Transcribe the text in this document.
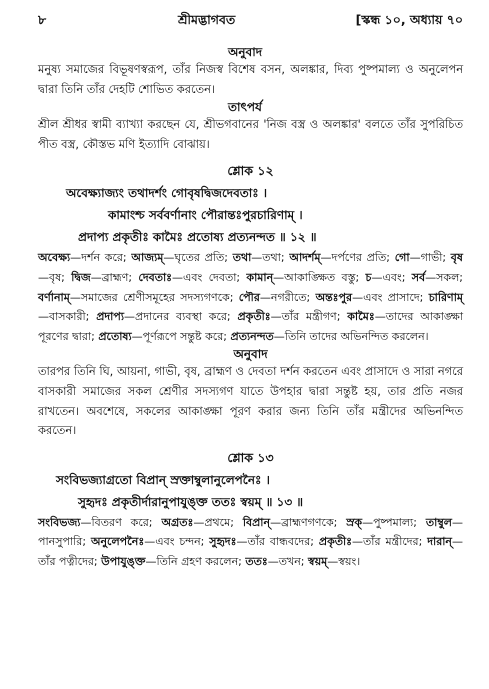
৮	শ্রীমদ্ভাগবত	[স্কন্ধ ১০, অধ্যায় ৭০

অনুবাদ

মনুষ্য সমাজের বিভূষণস্বরূপ, তাঁর নিজস্ব বিশেষ বসন, অলঙ্কার, দিব্য পুষ্পমাল্য ও অনুলেপন দ্বারা তিনি তাঁর দেহটি শোভিত করতেন।

তাৎপর্য

শ্রীল শ্রীধর স্বামী ব্যাখ্যা করছেন যে, শ্রীভগবানের 'নিজ বস্ত্র ও অলঙ্কার' বলতে তাঁর সুপরিচিত পীত বস্ত্র, কৌস্তভ মণি ইত্যাদি বোঝায়।

শ্লোক ১২

অবেক্ষ্যাজ্যং তথাদর্শং গোবৃষদ্বিজদেবতাঃ ।

কামাংশ্চ সর্ববর্ণানাং পৌরান্তঃপুরচারিণাম্ ।

প্রদাপ্য প্রকৃতীঃ কামৈঃ প্রতোষ্য প্রত্যনন্দত ॥ ১২ ॥

অবেক্ষ্য—দর্শন করে; আজ্যম্—ঘৃতের প্রতি; তথা—তথা; আদর্শম্—দর্পণের প্রতি; গো—গাভী; বৃষ—বৃষ; দ্বিজ—ব্রাহ্মণ; দেবতাঃ—এবং দেবতা; কামান্—আকাঙ্ক্ষিত বস্তু; চ—এবং; সর্ব—সকল; বর্ণানাম্—সমাজের শ্রেণীসমূহের সদস্যগণকে; পৌর—নগরীতে; অন্তঃপুর—এবং প্রাসাদে; চারিণাম্—বাসকারী; প্রদাপ্য—প্রদানের ব্যবস্থা করে; প্রকৃতীঃ—তাঁর মন্ত্রীগণ; কামৈঃ—তাদের আকাঙ্ক্ষা পূরণের দ্বারা; প্রতোষ্য—পূর্ণরূপে সন্তুষ্ট করে; প্রত্যনন্দত—তিনি তাদের অভিনন্দিত করলেন।

অনুবাদ

তারপর তিনি ঘি, আয়না, গাভী, বৃষ, ব্রাহ্মণ ও দেবতা দর্শন করতেন এবং প্রাসাদে ও সারা নগরে বাসকারী সমাজের সকল শ্রেণীর সদস্যগণ যাতে উপহার দ্বারা সন্তুষ্ট হয়, তার প্রতি নজর রাখতেন। অবশেষে, সকলের আকাঙ্ক্ষা পূরণ করার জন্য তিনি তাঁর মন্ত্রীদের অভিনন্দিত করতেন।

শ্লোক ১৩

সংবিভজ্যাগ্রতো বিপ্রান্ স্রক্তাম্বুলানুলেপনৈঃ ।

সুহৃদঃ প্রকৃতীর্দারানুপাযুঙ্ক্ত ততঃ স্বয়ম্ ॥ ১৩ ॥

সংবিভজ্য—বিতরণ করে; অগ্রতঃ—প্রথমে; বিপ্রান্—ব্রাহ্মণগণকে; স্রক্—পুষ্পমাল্য; তাম্বুল—পানসুপারি; অনুলেপনৈঃ—এবং চন্দন; সুহৃদঃ—তাঁর বান্ধবদের; প্রকৃতীঃ—তাঁর মন্ত্রীদের; দারান্—তাঁর পত্নীদের; উপাযুঙ্ক্ত—তিনি গ্রহণ করলেন; ততঃ—তখন; স্বয়ম্—স্বয়ং।
